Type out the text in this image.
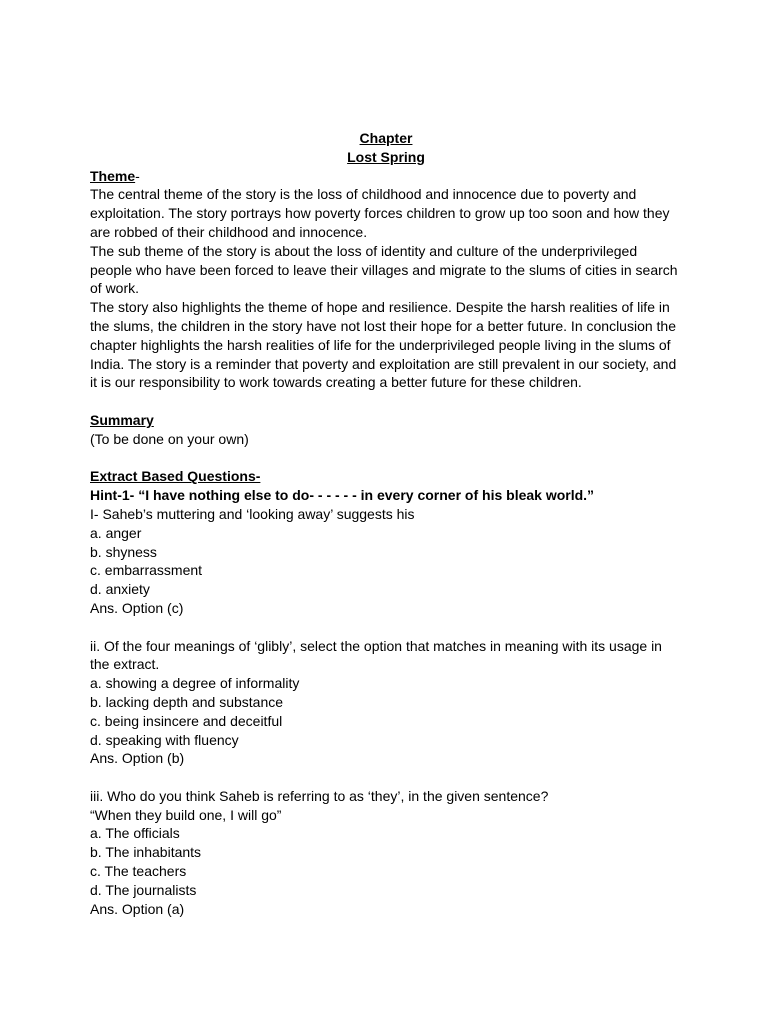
Chapter
Lost Spring
Theme-
The central theme of the story is the loss of childhood and innocence due to poverty and exploitation. The story portrays how poverty forces children to grow up too soon and how they are robbed of their childhood and innocence.
The sub theme of the story is about the loss of identity and culture of the underprivileged people who have been forced to leave their villages and migrate to the slums of cities in search of work.
The story also highlights the theme of hope and resilience. Despite the harsh realities of life in the slums, the children in the story have not lost their hope for a better future. In conclusion the chapter highlights the harsh realities of life for the underprivileged people living in the slums of India. The story is a reminder that poverty and exploitation are still prevalent in our society, and it is our responsibility to work towards creating a better future for these children.
Summary
(To be done on your own)
Extract Based Questions-
Hint-1- “I have nothing else to do- - - - - - in every corner of his bleak world.”
I- Saheb’s muttering and ‘looking away’ suggests his
a. anger
b. shyness
c. embarrassment
d. anxiety
Ans. Option (c)
ii. Of the four meanings of ‘glibly’, select the option that matches in meaning with its usage in the extract.
a. showing a degree of informality
b. lacking depth and substance
c. being insincere and deceitful
d. speaking with fluency
Ans. Option (b)
iii. Who do you think Saheb is referring to as ‘they’, in the given sentence?
“When they build one, I will go”
a. The officials
b. The inhabitants
c. The teachers
d. The journalists
Ans. Option (a)
